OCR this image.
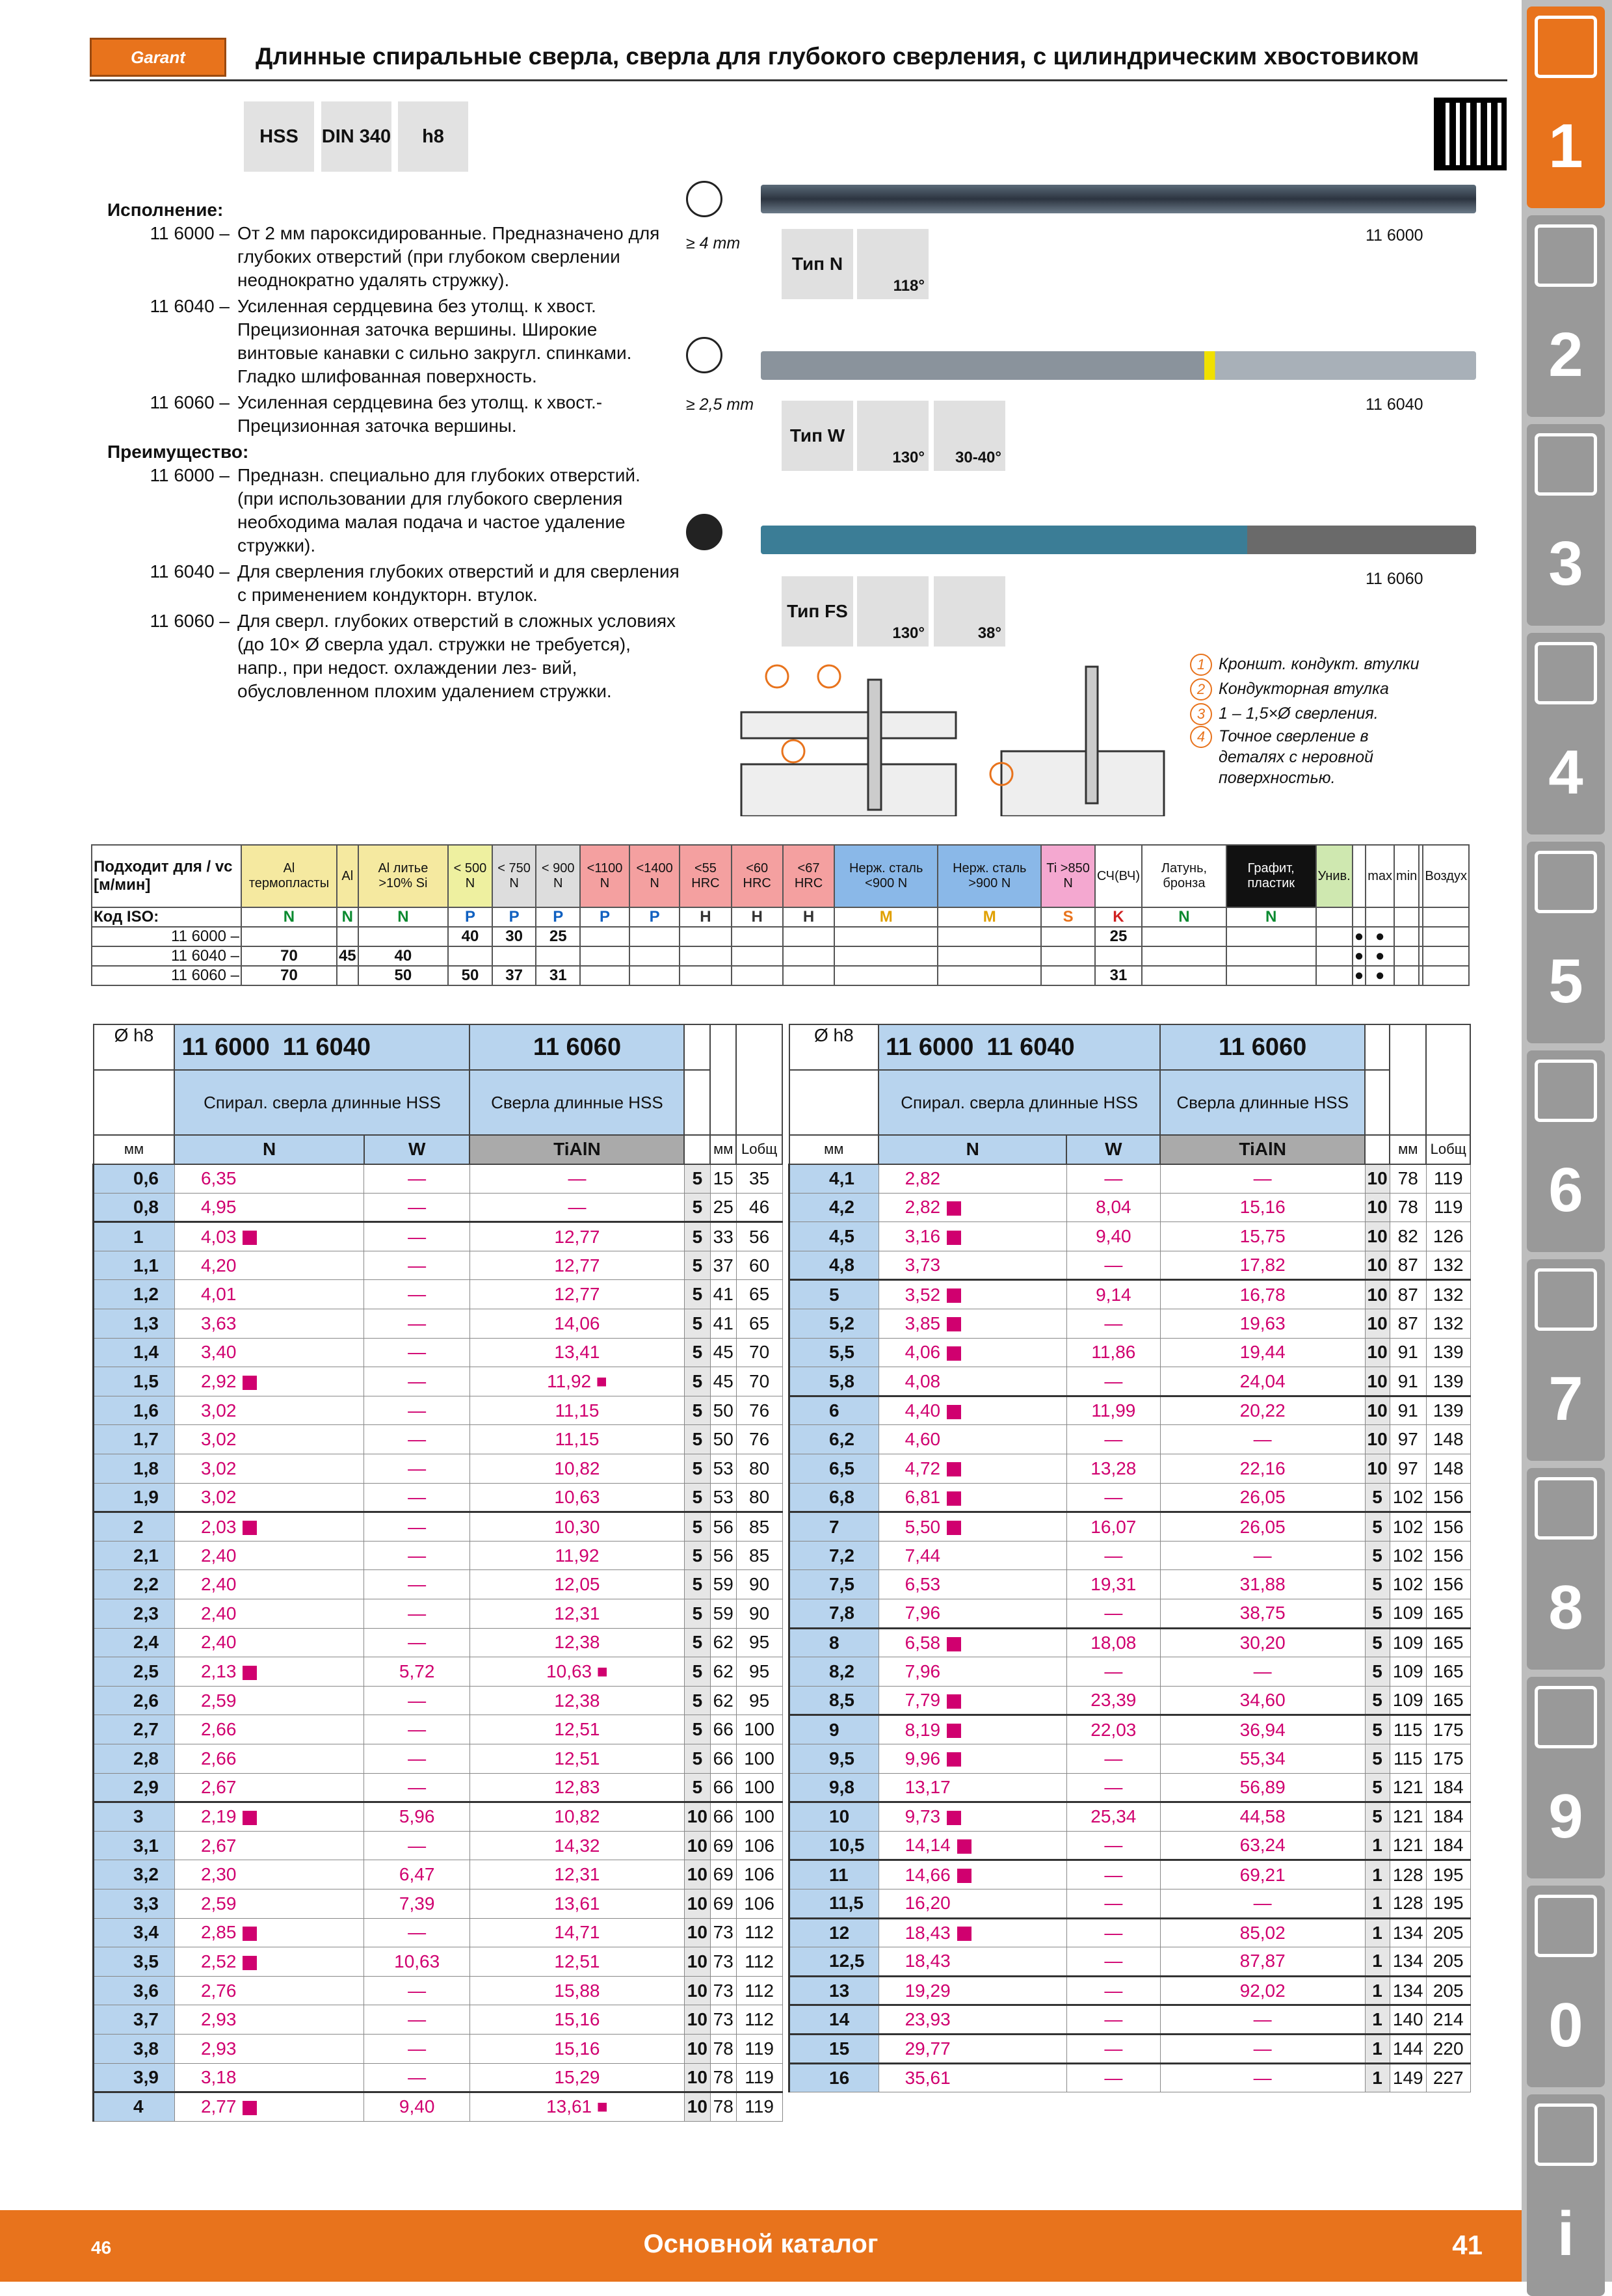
Garant	Длинные спиральные сверла, сверла для глубокого сверления, с цилиндрическим хвостовиком
HSS	DIN 340	h8
Исполнение:
11 6000 – От 2 мм пароксидированные. Предназначено для глубоких отверстий (при глубоком сверлении неоднократно удалять стружку).
11 6040 – Усиленная сердцевина без утолщ. к хвост. Прецизионная заточка вершины. Широкие винтовые канавки с сильно закругл. спинками. Гладко шлифованная поверхность.
11 6060 – Усиленная сердцевина без утолщ. к хвост.- Прецизионная заточка вершины.
Преимущество:
11 6000 – Предназн. специально для глубоких отверстий. (при использовании для глубокого сверления необходима малая подача и частое удаление стружки).
11 6040 – Для сверления глубоких отверстий и для сверления с применением кондукторн. втулок.
11 6060 – Для сверл. глубоких отверстий в сложных условиях (до 10× Ø сверла удал. стружки не требуется), напр., при недост. охлаждении лез- вий, обусловленном плохим удалением стружки.
≥ 4 mm	11 6000
Тип N
118°
≥ 2,5 mm	11 6040
Тип W
130°	30-40°
11 6060
Тип FS
130°	38°
1 Кроншт. кондукт. втулки
2 Кондукторная втулка
3 1 – 1,5×Ø сверления.
4 Точное сверление в деталях с неровной поверхностью.
Подходит для / vc [м/мин]	Al термопласты	Al	Al литье >10% Si	< 500 N	< 750 N	< 900 N	<1100 N	<1400 N	<55 HRC	<60 HRC	<67 HRC	Нерж. сталь <900 N	Нерж. сталь >900 N	Ti >850 N	СЧ(ВЧ)	Латунь, бронза	Графит, пластик	Унив.		max	min		Воздух
Код ISO:	N	N	N	P	P	P	P	P	H	H	H	M	M	S	K	N	N						
11 6000 –				40	30	25									25				●	●			
11 6040 –	70	45	40																●	●			
11 6060 –	70		50	50	37	31									31				●	●			
Ø h8	11 6000 11 6040		11 6060			
	Спирал. сверла длинные HSS		Сверла длинные HSS			
мм	N	W	TiAlN		мм	Lобщ
0,6	6,35	—	—	5	15	35
0,8	4,95	—	—	5	25	46
1	4,03	—	12,77	5	33	56
1,1	4,20	—	12,77	5	37	60
1,2	4,01	—	12,77	5	41	65
1,3	3,63	—	14,06	5	41	65
1,4	3,40	—	13,41	5	45	70
1,5	2,92	—	11,92 ■	5	45	70
1,6	3,02	—	11,15	5	50	76
1,7	3,02	—	11,15	5	50	76
1,8	3,02	—	10,82	5	53	80
1,9	3,02	—	10,63	5	53	80
2	2,03	—	10,30	5	56	85
2,1	2,40	—	11,92	5	56	85
2,2	2,40	—	12,05	5	59	90
2,3	2,40	—	12,31	5	59	90
2,4	2,40	—	12,38	5	62	95
2,5	2,13	5,72	10,63 ■	5	62	95
2,6	2,59	—	12,38	5	62	95
2,7	2,66	—	12,51	5	66	100
2,8	2,66	—	12,51	5	66	100
2,9	2,67	—	12,83	5	66	100
3	2,19	5,96	10,82	10	66	100
3,1	2,67	—	14,32	10	69	106
3,2	2,30	6,47	12,31	10	69	106
3,3	2,59	7,39	13,61	10	69	106
3,4	2,85	—	14,71	10	73	112
3,5	2,52	10,63	12,51	10	73	112
3,6	2,76	—	15,88	10	73	112
3,7	2,93	—	15,16	10	73	112
3,8	2,93	—	15,16	10	78	119
3,9	3,18	—	15,29	10	78	119
4	2,77	9,40	13,61 ■	10	78	119
Ø h8	11 6000 11 6040		11 6060			
	Спирал. сверла длинные HSS		Сверла длинные HSS			
мм	N	W	TiAlN		мм	Lобщ
4,1	2,82	—	—	10	78	119
4,2	2,82	8,04	15,16	10	78	119
4,5	3,16	9,40	15,75	10	82	126
4,8	3,73	—	17,82	10	87	132
5	3,52	9,14	16,78	10	87	132
5,2	3,85	—	19,63	10	87	132
5,5	4,06	11,86	19,44	10	91	139
5,8	4,08	—	24,04	10	91	139
6	4,40	11,99	20,22	10	91	139
6,2	4,60	—	—	10	97	148
6,5	4,72	13,28	22,16	10	97	148
6,8	6,81	—	26,05	5	102	156
7	5,50	16,07	26,05	5	102	156
7,2	7,44	—	—	5	102	156
7,5	6,53	19,31	31,88	5	102	156
7,8	7,96	—	38,75	5	109	165
8	6,58	18,08	30,20	5	109	165
8,2	7,96	—	—	5	109	165
8,5	7,79	23,39	34,60	5	109	165
9	8,19	22,03	36,94	5	115	175
9,5	9,96	—	55,34	5	115	175
9,8	13,17	—	56,89	5	121	184
10	9,73	25,34	44,58	5	121	184
10,5	14,14	—	63,24	1	121	184
11	14,66	—	69,21	1	128	195
11,5	16,20	—	—	1	128	195
12	18,43	—	85,02	1	134	205
12,5	18,43	—	87,87	1	134	205
13	19,29	—	92,02	1	134	205
14	23,93	—	—	1	140	214
15	29,77	—	—	1	144	220
16	35,61	—	—	1	149	227
1
2
3
4
5
6
7
8
9
0
i
46	Основной каталог	41
